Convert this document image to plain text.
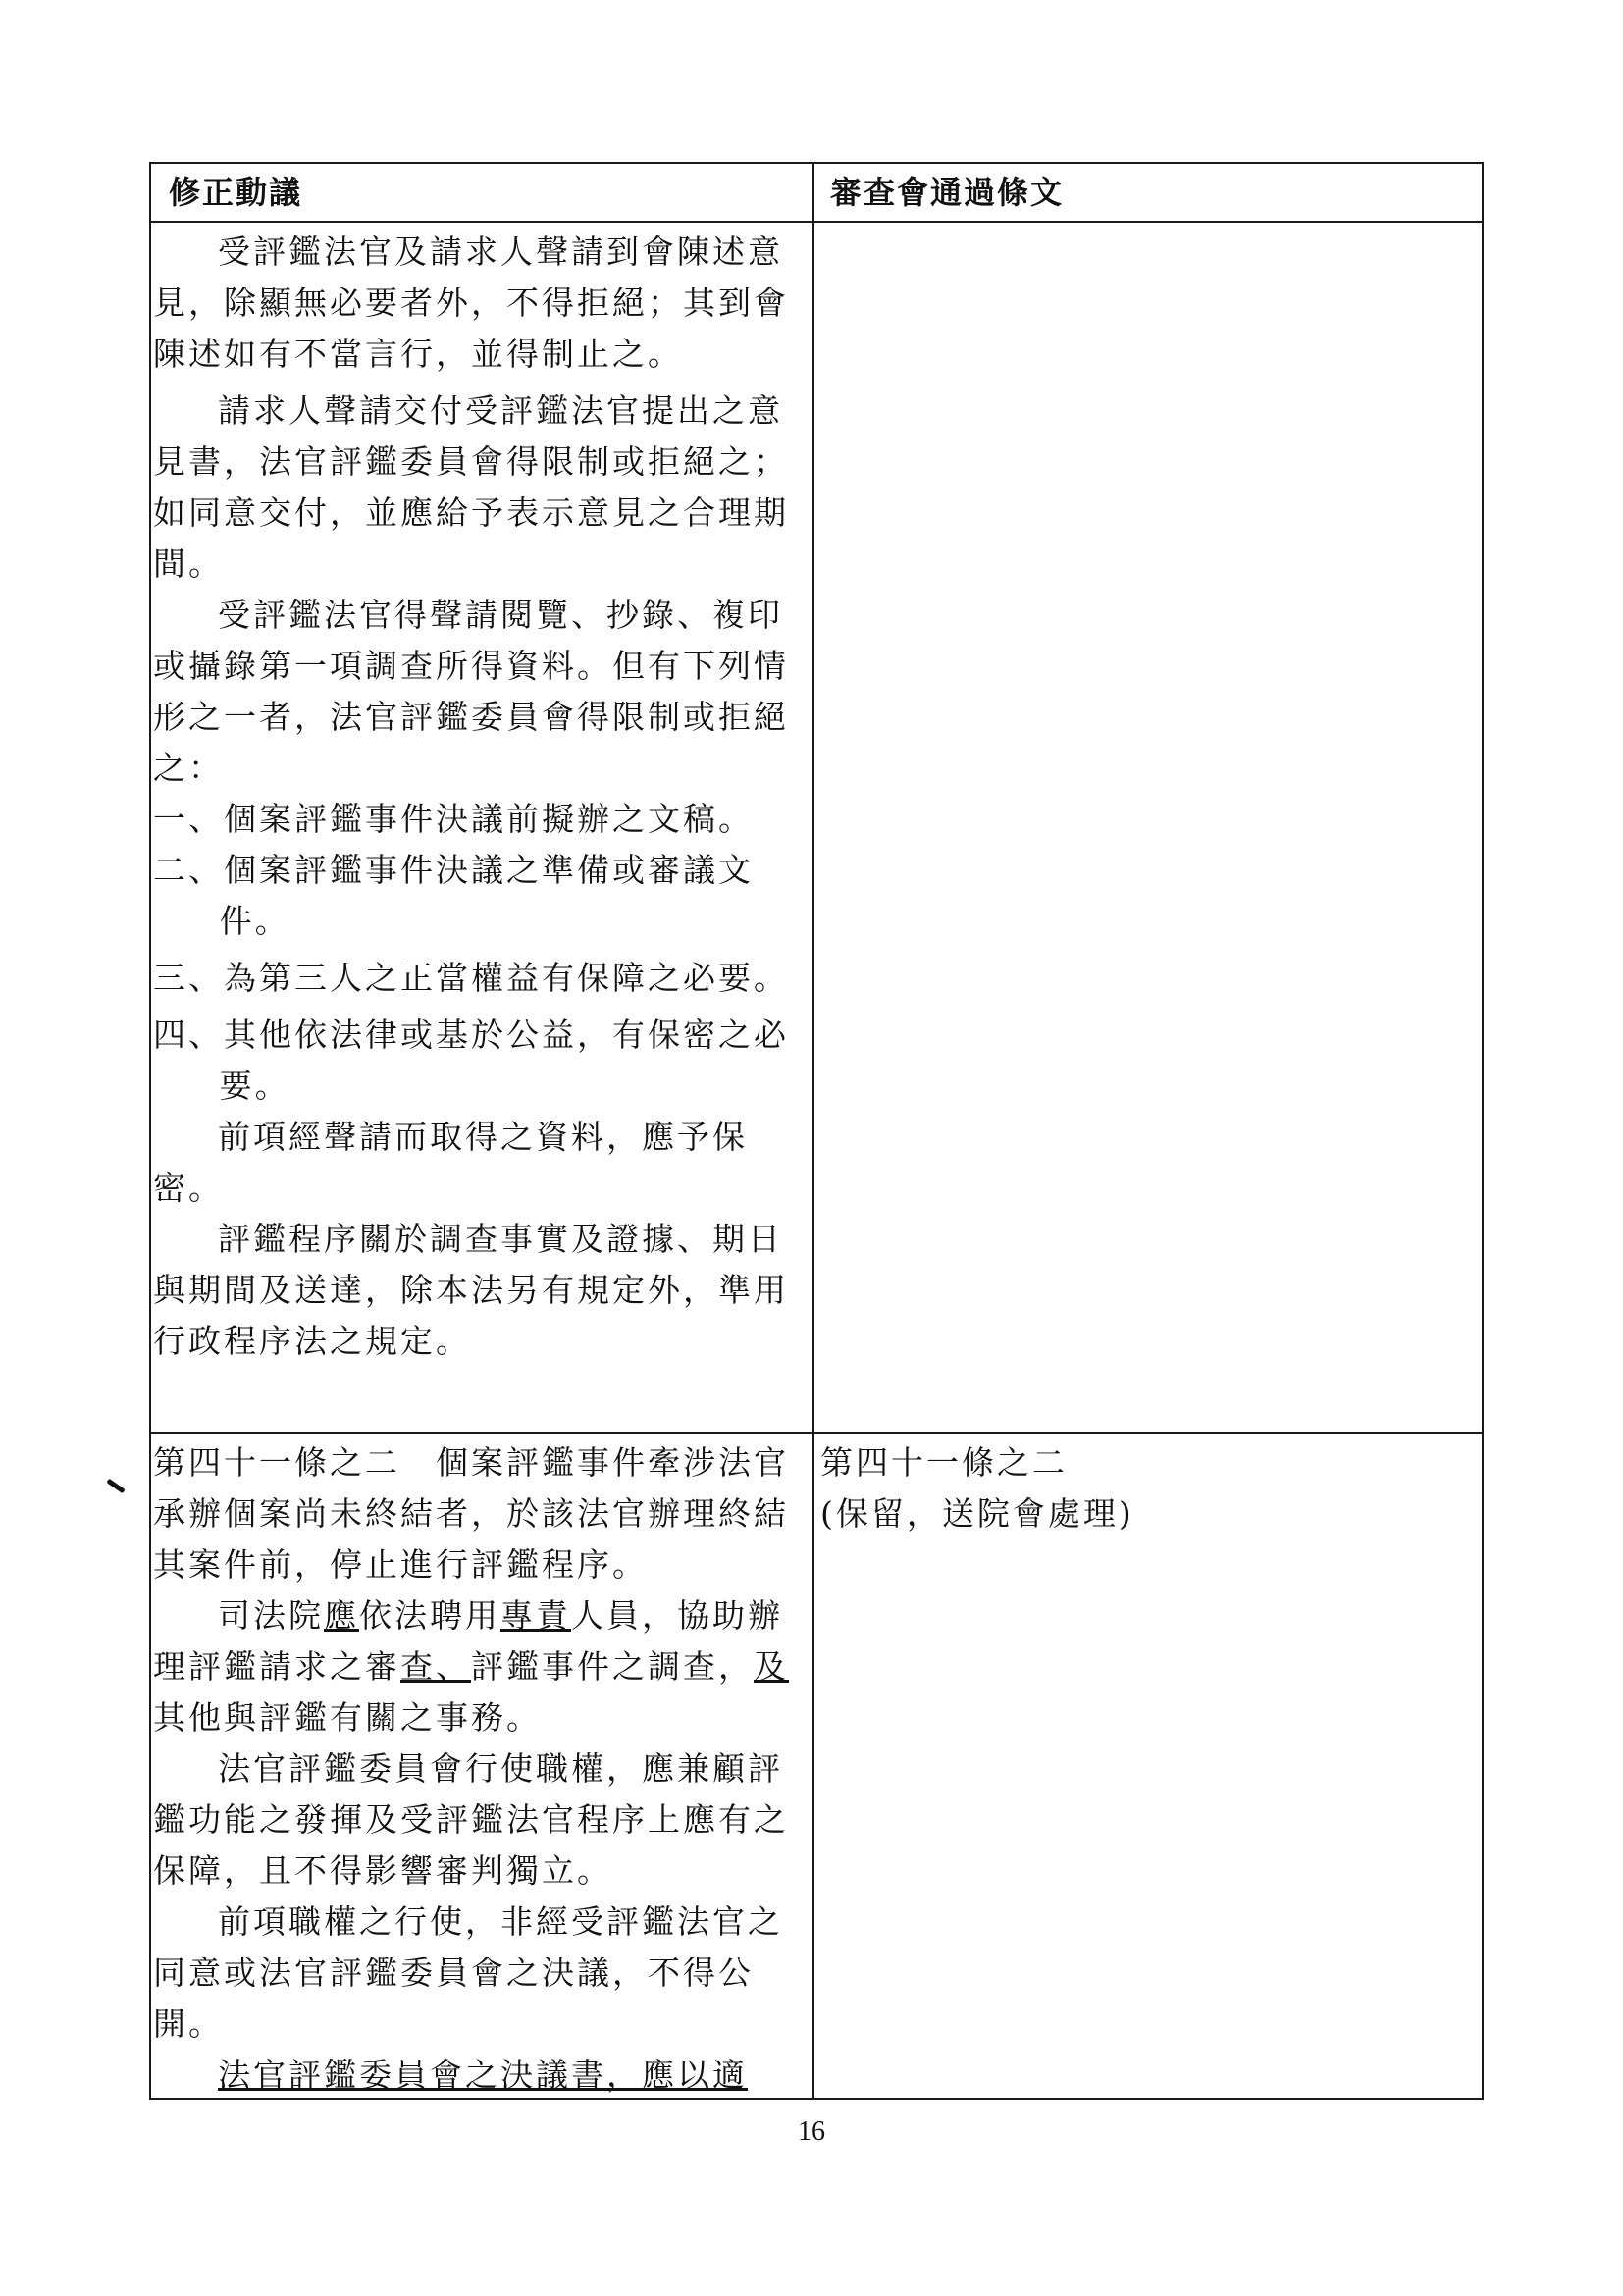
修正動議	審查會通過條文

受評鑑法官及請求人聲請到會陳述意見，除顯無必要者外，不得拒絕；其到會陳述如有不當言行，並得制止之。

請求人聲請交付受評鑑法官提出之意見書，法官評鑑委員會得限制或拒絕之；如同意交付，並應給予表示意見之合理期間。

受評鑑法官得聲請閱覽、抄錄、複印或攝錄第一項調查所得資料。但有下列情形之一者，法官評鑑委員會得限制或拒絕之：

一、個案評鑑事件決議前擬辦之文稿。

二、個案評鑑事件決議之準備或審議文件。

三、為第三人之正當權益有保障之必要。

四、其他依法律或基於公益，有保密之必要。

前項經聲請而取得之資料，應予保密。

評鑑程序關於調查事實及證據、期日與期間及送達，除本法另有規定外，準用行政程序法之規定。

第四十一條之二　個案評鑑事件牽涉法官承辦個案尚未終結者，於該法官辦理終結其案件前，停止進行評鑑程序。

司法院應依法聘用專責人員，協助辦理評鑑請求之審查、評鑑事件之調查，及其他與評鑑有關之事務。

法官評鑑委員會行使職權，應兼顧評鑑功能之發揮及受評鑑法官程序上應有之保障，且不得影響審判獨立。

前項職權之行使，非經受評鑑法官之同意或法官評鑑委員會之決議，不得公開。

法官評鑑委員會之決議書，應以適

第四十一條之二

(保留，送院會處理)

16
